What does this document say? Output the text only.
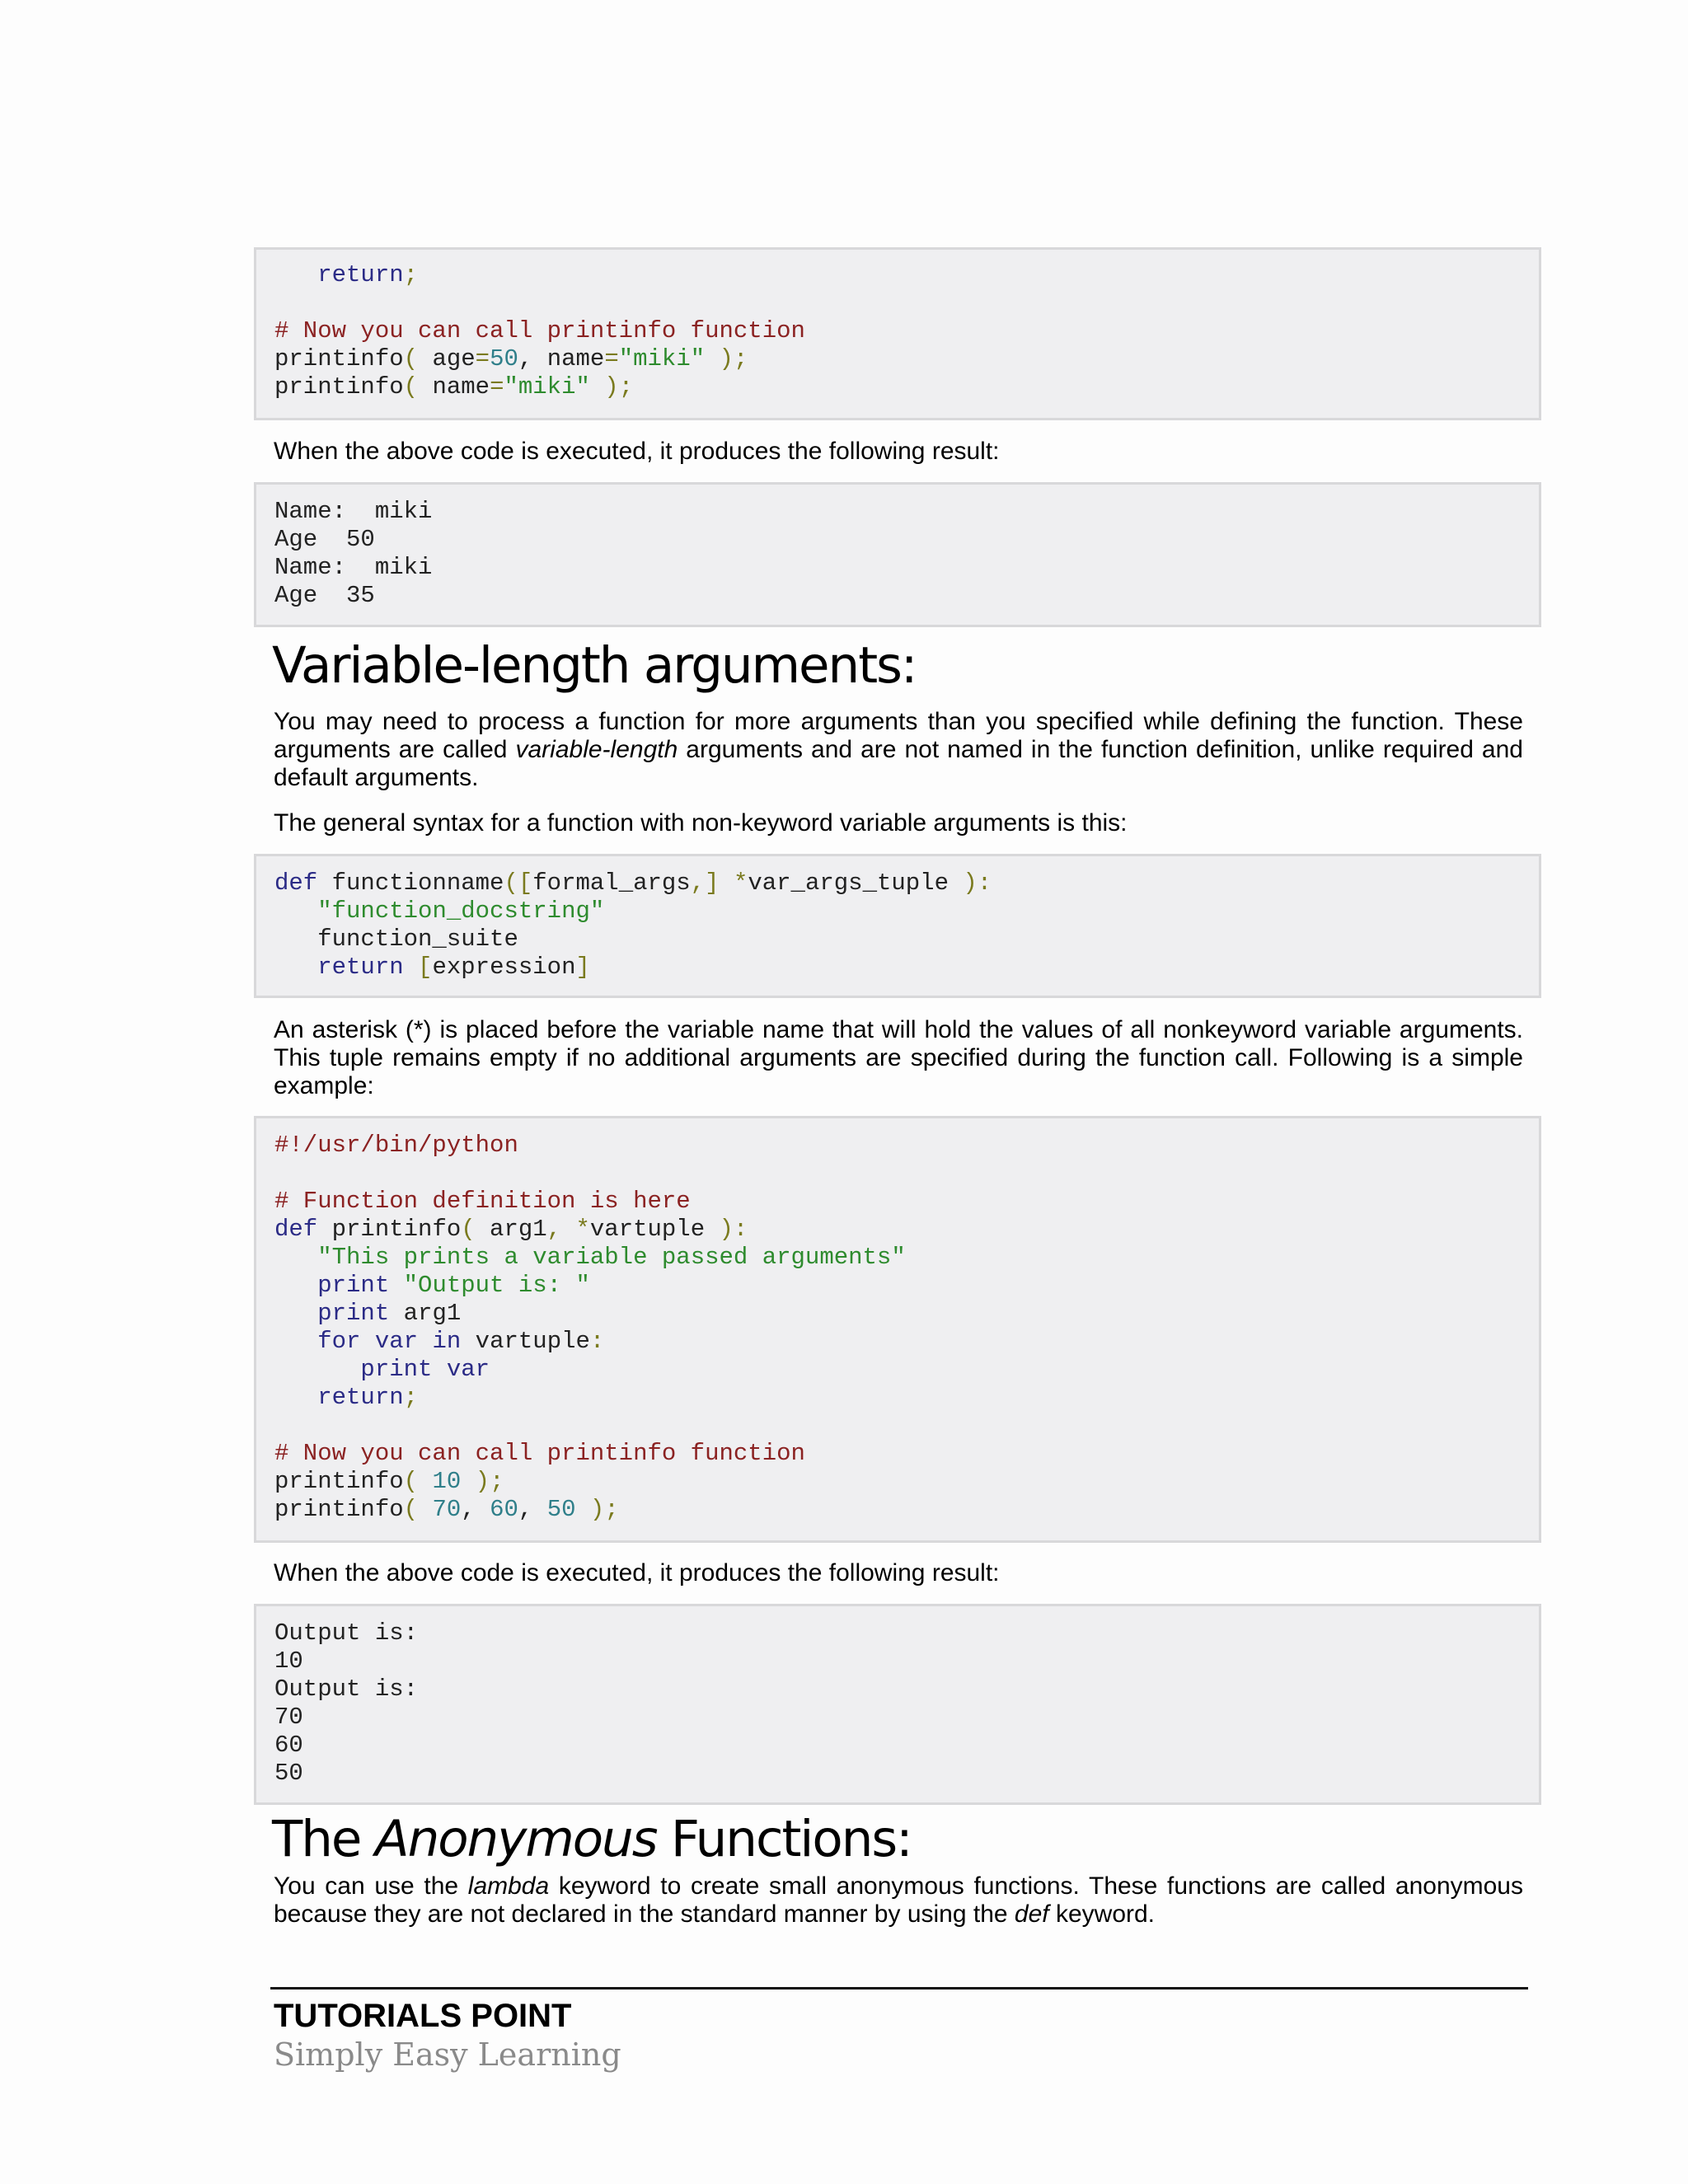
return;

# Now you can call printinfo function
printinfo( age=50, name="miki" );
printinfo( name="miki" );

When the above code is executed, it produces the following result:

Name:  miki
Age  50
Name:  miki
Age  35
Variable-length arguments:

You may need to process a function for more arguments than you specified while defining the function. These arguments are called variable-length arguments and are not named in the function definition, unlike required and default arguments.

The general syntax for a function with non-keyword variable arguments is this:

def functionname([formal_args,] *var_args_tuple ):
"function_docstring"
function_suite
return [expression]

An asterisk (*) is placed before the variable name that will hold the values of all nonkeyword variable arguments. This tuple remains empty if no additional arguments are specified during the function call. Following is a simple example:

#!/usr/bin/python

# Function definition is here
def printinfo( arg1, *vartuple ):
"This prints a variable passed arguments"
print "Output is: "
print arg1
for var in vartuple:
print var
return;

# Now you can call printinfo function
printinfo( 10 );
printinfo( 70, 60, 50 );

When the above code is executed, it produces the following result:

Output is:
10
Output is:
70
60
50
The Anonymous Functions:

You can use the lambda keyword to create small anonymous functions. These functions are called anonymous because they are not declared in the standard manner by using the def keyword.

TUTORIALS POINT
Simply Easy Learning
